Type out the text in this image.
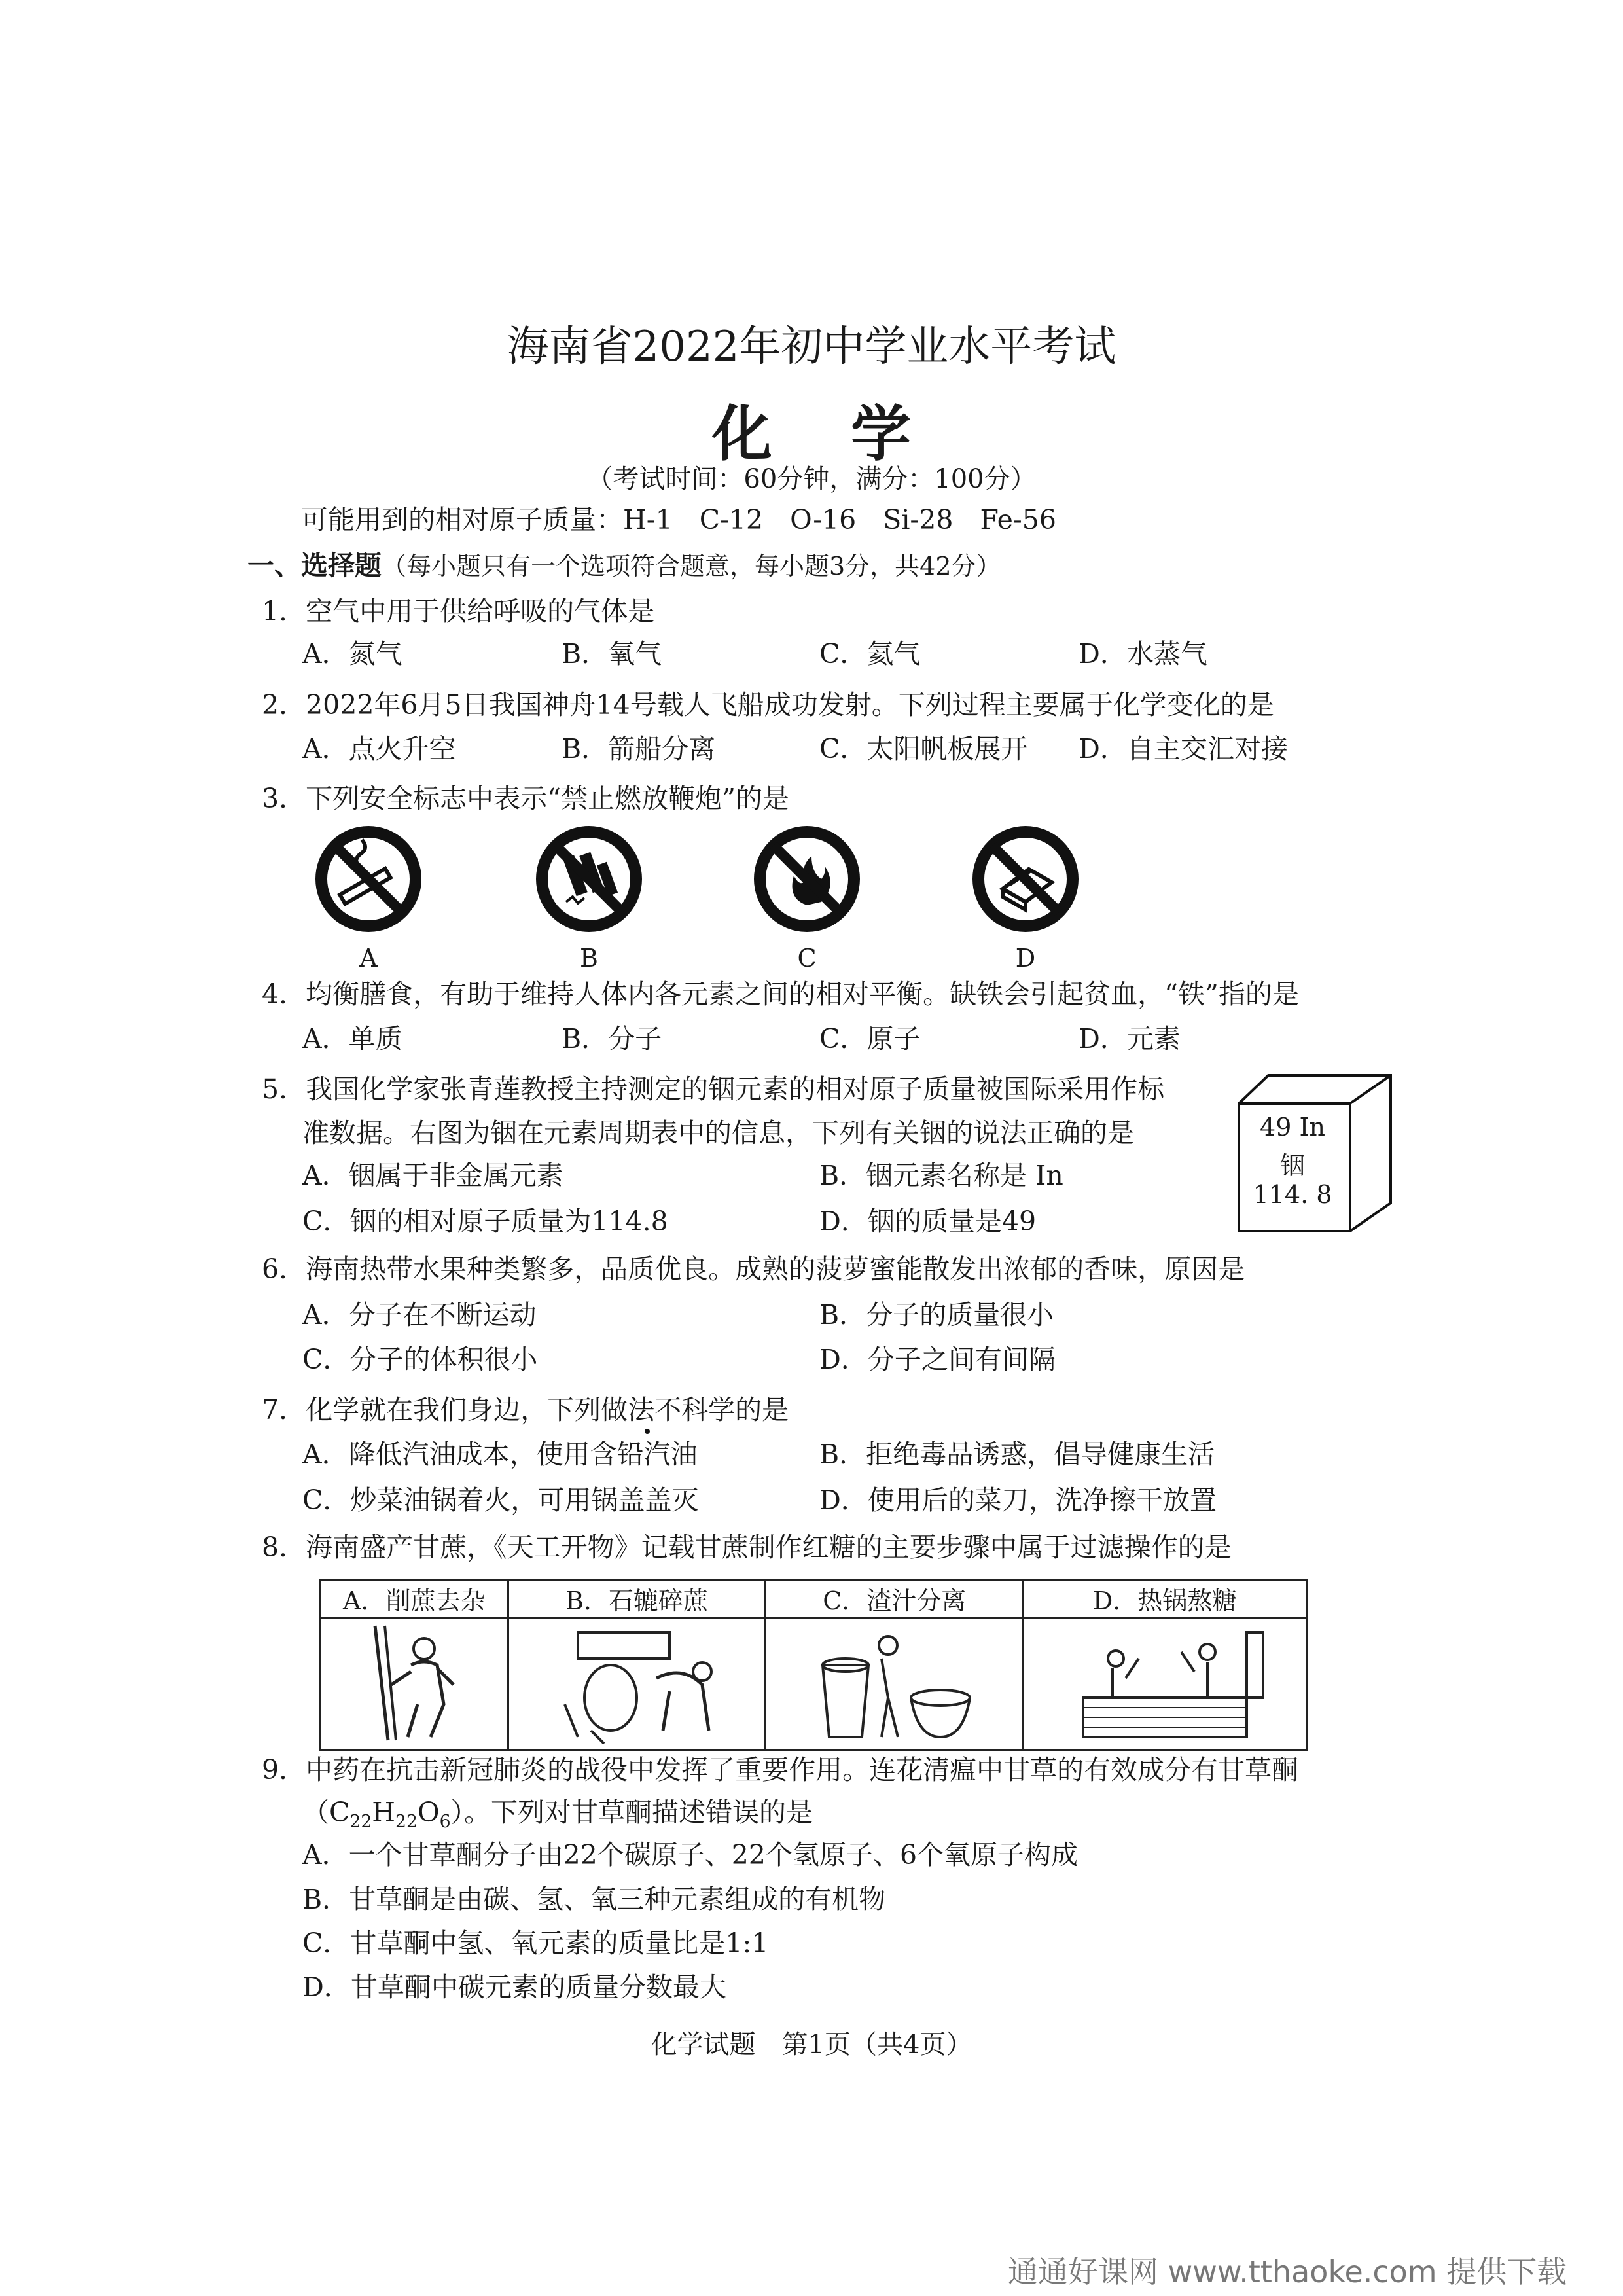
海南省2022年初中学业水平考试
化学
（考试时间：60分钟，满分：100分）
可能用到的相对原子质量：H-1　C-12　O-16　Si-28　Fe-56
一、选择题（每小题只有一个选项符合题意，每小题3分，共42分）
1．空气中用于供给呼吸的气体是
A．氮气	B．氧气	C．氦气	D．水蒸气
2．2022年6月5日我国神舟14号载人飞船成功发射。下列过程主要属于化学变化的是
A．点火升空	B．箭船分离	C．太阳帆板展开 D．自主交汇对接
3．下列安全标志中表示“禁止燃放鞭炮”的是
A	B	C	D
4．均衡膳食，有助于维持人体内各元素之间的相对平衡。缺铁会引起贫血，“铁”指的是
A．单质	B．分子	C．原子	D．元素
5．我国化学家张青莲教授主持测定的铟元素的相对原子质量被国际采用作标
准数据。右图为铟在元素周期表中的信息，下列有关铟的说法正确的是
A．铟属于非金属元素	B．铟元素名称是 In
C．铟的相对原子质量为114.8	D．铟的质量是49
49 In
铟
114. 8
6．海南热带水果种类繁多，品质优良。成熟的菠萝蜜能散发出浓郁的香味，原因是
A．分子在不断运动	B．分子的质量很小
C．分子的体积很小	D．分子之间有间隔
7．化学就在我们身边，下列做法不科学的是
A．降低汽油成本，使用含铅汽油	B．拒绝毒品诱惑，倡导健康生活
C．炒菜油锅着火，可用锅盖盖灭	D．使用后的菜刀，洗净擦干放置
8．海南盛产甘蔗，《天工开物》记载甘蔗制作红糖的主要步骤中属于过滤操作的是
A．削蔗去杂	B．石辘碎蔗	C．渣汁分离	D．热锅熬糖

9．中药在抗击新冠肺炎的战役中发挥了重要作用。连花清瘟中甘草的有效成分有甘草酮
$(C_{22}H_{22}O_6)$。下列对甘草酮描述错误的是
A．一个甘草酮分子由22个碳原子、22个氢原子、6个氧原子构成
B．甘草酮是由碳、氢、氧三种元素组成的有机物
C．甘草酮中氢、氧元素的质量比是1:1
D．甘草酮中碳元素的质量分数最大
化学试题　第1页（共4页）
通通好课网 www.tthaoke.com 提供下载
